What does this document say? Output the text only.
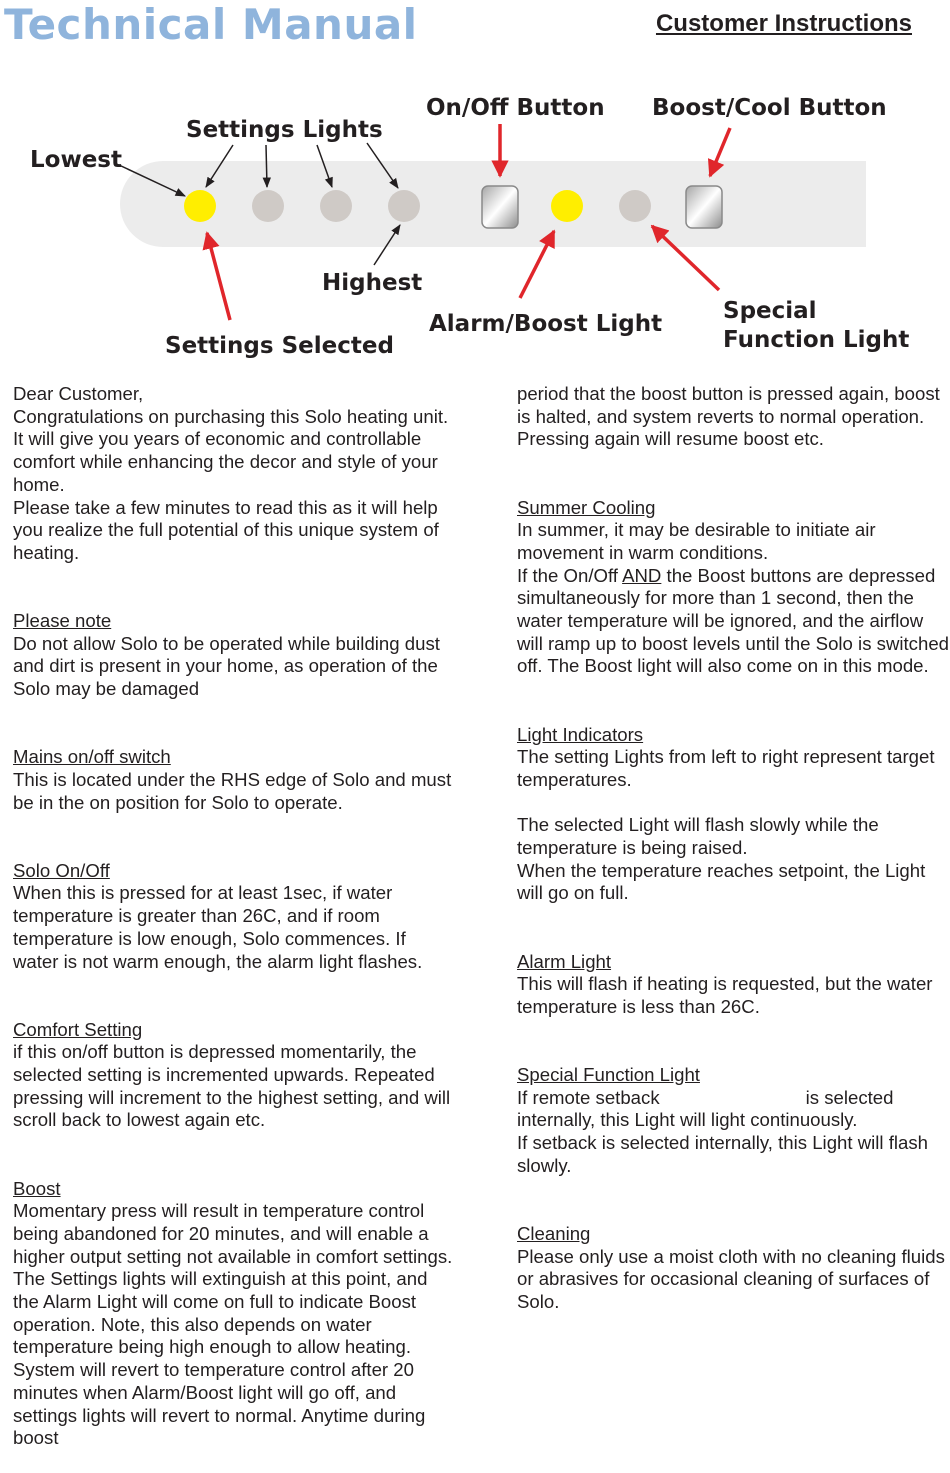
Technical Manual	Customer Instructions
Lowest
Settings Lights
On/Off Button Boost/Cool Button
Highest
Alarm/Boost Light	Special
Function Light
Settings Selected

Dear Customer,
Congratulations on purchasing this Solo heating unit. It will give you years of economic and controllable comfort while enhancing the decor and style of your home.
Please take a few minutes to read this as it will help you realize the full potential of this unique system of heating.

Please note
Do not allow Solo to be operated while building dust and dirt is present in your home, as operation of the Solo may be damaged

Mains on/off switch
This is located under the RHS edge of Solo and must be in the on position for Solo to operate.

Solo On/Off
When this is pressed for at least 1sec, if water temperature is greater than 26C, and if room temperature is low enough, Solo commences. If water is not warm enough, the alarm light flashes.

Comfort Setting
if this on/off button is depressed momentarily, the selected setting is incremented upwards. Repeated pressing will increment to the highest setting, and will scroll back to lowest again etc.

Boost
Momentary press will result in temperature control being abandoned for 20 minutes, and will enable a higher output setting not available in comfort settings. The Settings lights will extinguish at this point, and the Alarm Light will come on full to indicate Boost operation. Note, this also depends on water temperature being high enough to allow heating. System will revert to temperature control after 20 minutes when Alarm/Boost light will go off, and settings lights will revert to normal. Anytime during boost

period that the boost button is pressed again, boost is halted, and system reverts to normal operation. Pressing again will resume boost etc.

Summer Cooling
In summer, it may be desirable to initiate air movement in warm conditions.
If the On/Off AND the Boost buttons are depressed simultaneously for more than 1 second, then the water temperature will be ignored, and the airflow will ramp up to boost levels until the Solo is switched off. The Boost light will also come on in this mode.

Light Indicators
The setting Lights from left to right represent target temperatures.

The selected Light will flash slowly while the temperature is being raised.
When the temperature reaches setpoint, the Light will go on full.

Alarm Light
This will flash if heating is requested, but the water temperature is less than 26C.

Special Function Light
If remote setback	is selected
internally, this Light will light continuously.
If setback is selected internally, this Light will flash slowly.

Cleaning
Please only use a moist cloth with no cleaning fluids or abrasives for occasional cleaning of surfaces of Solo.
